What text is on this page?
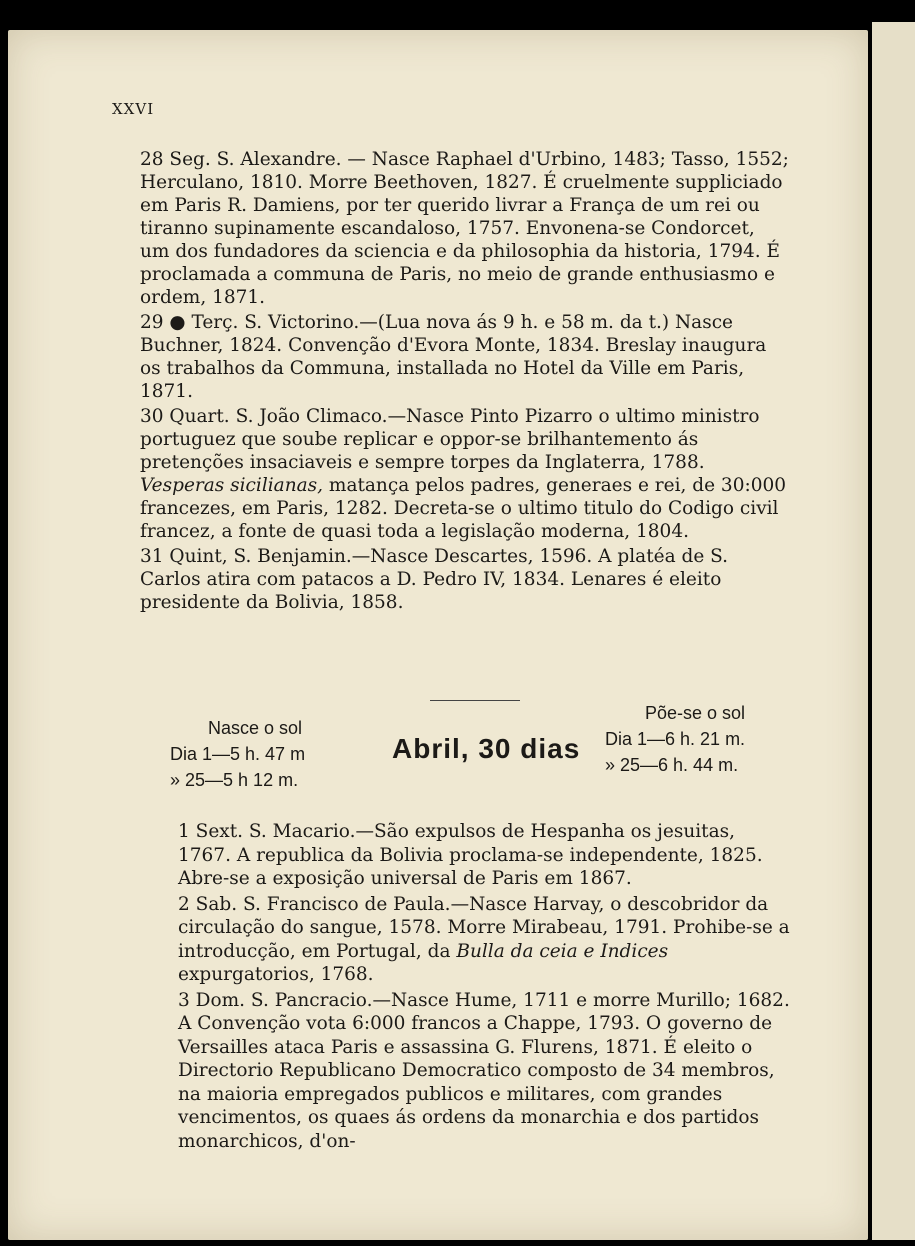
XXVI

28 Seg. S. Alexandre. — Nasce Raphael d'Urbino, 1483; Tasso, 1552; Herculano, 1810. Morre Beethoven, 1827. É cruelmente suppliciado em Paris R. Damiens, por ter querido livrar a França de um rei ou tiranno supinamente escandaloso, 1757. Envonena-se Condorcet, um dos fundadores da sciencia e da philosophia da historia, 1794. É proclamada a communa de Paris, no meio de grande enthusiasmo e ordem, 1871.

29 ● Terç. S. Victorino.—(Lua nova ás 9 h. e 58 m. da t.) Nasce Buchner, 1824. Convenção d'Evora Monte, 1834. Breslay inaugura os trabalhos da Communa, installada no Hotel da Ville em Paris, 1871.

30 Quart. S. João Climaco.—Nasce Pinto Pizarro o ultimo ministro portuguez que soube replicar e oppor-se brilhantemento ás pretenções insaciaveis e sempre torpes da Inglaterra, 1788. Vesperas sicilianas, matança pelos padres, generaes e rei, de 30:000 francezes, em Paris, 1282. Decreta-se o ultimo titulo do Codigo civil francez, a fonte de quasi toda a legislação moderna, 1804.

31 Quint, S. Benjamin.—Nasce Descartes, 1596. A platéa de S. Carlos atira com patacos a D. Pedro IV, 1834. Lenares é eleito presidente da Bolivia, 1858.

Nasce o sol
Dia 1—5 h. 47 m
» 25—5 h 12 m.
Abril, 30 dias
Põe-se o sol
Dia 1—6 h. 21 m.
» 25—6 h. 44 m.

1 Sext. S. Macario.—São expulsos de Hespanha os jesuitas, 1767. A republica da Bolivia proclama-se independente, 1825. Abre-se a exposição universal de Paris em 1867.

2 Sab. S. Francisco de Paula.—Nasce Harvay, o descobridor da circulação do sangue, 1578. Morre Mirabeau, 1791. Prohibe-se a introducção, em Portugal, da Bulla da ceia e Indices expurgatorios, 1768.

3 Dom. S. Pancracio.—Nasce Hume, 1711 e morre Murillo; 1682. A Convenção vota 6:000 francos a Chappe, 1793. O governo de Versailles ataca Paris e assassina G. Flurens, 1871. É eleito o Directorio Republicano Democratico composto de 34 membros, na maioria empregados publicos e militares, com grandes vencimentos, os quaes ás ordens da monarchia e dos partidos monarchicos, d'on-
